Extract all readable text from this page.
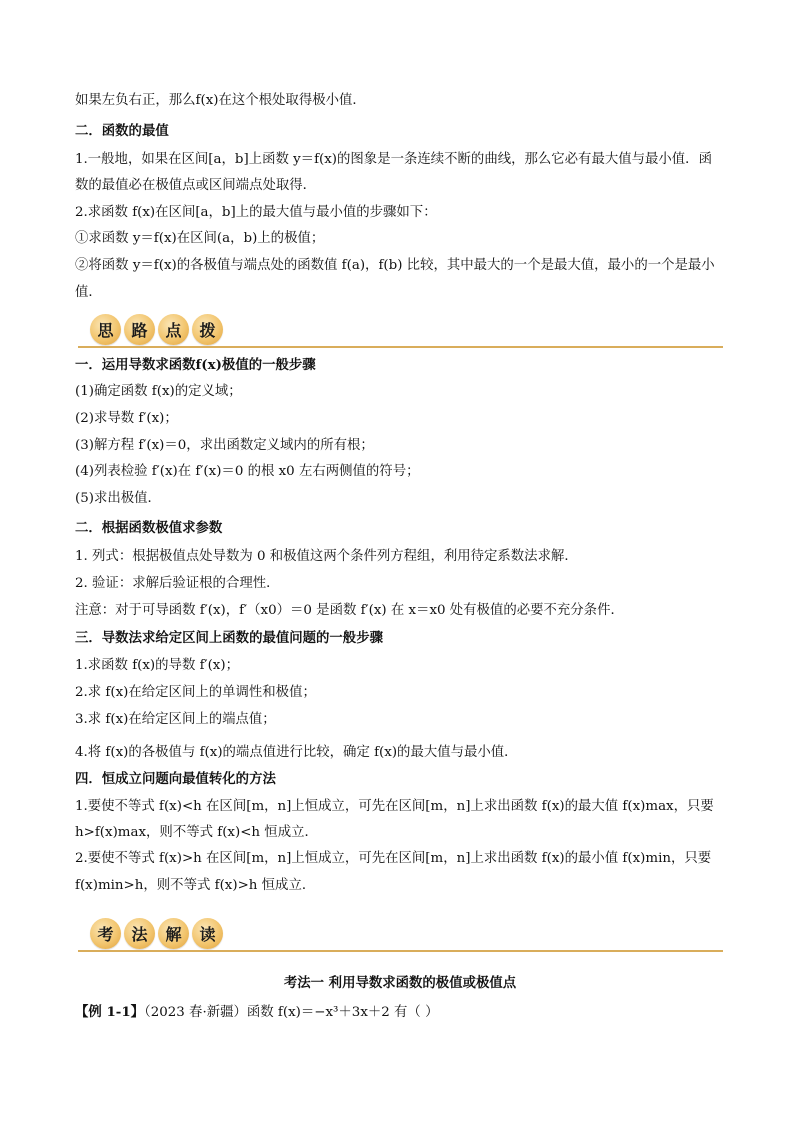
如果左负右正，那么f(x)在这个根处取得极小值．
二．函数的最值
1.一般地，如果在区间[a，b]上函数 y＝f(x)的图象是一条连续不断的曲线，那么它必有最大值与最小值．函
数的最值必在极值点或区间端点处取得．
2.求函数 f(x)在区间[a，b]上的最大值与最小值的步骤如下：
①求函数 y＝f(x)在区间(a，b)上的极值；
②将函数 y＝f(x)的各极值与端点处的函数值 f(a)，f(b) 比较，其中最大的一个是最大值，最小的一个是最小
值．
思	路	点	拨
一．运用导数求函数f(x)极值的一般步骤
(1)确定函数 f(x)的定义域；
(2)求导数 f′(x)；
(3)解方程 f′(x)＝0，求出函数定义域内的所有根；
(4)列表检验 f′(x)在 f′(x)＝0 的根 x0 左右两侧值的符号；
(5)求出极值．
二．根据函数极值求参数
1. 列式：根据极值点处导数为 0 和极值这两个条件列方程组，利用待定系数法求解．
2. 验证：求解后验证根的合理性．
注意：对于可导函数 f′(x)，f′（x0）＝0 是函数 f′(x) 在 x＝x0 处有极值的必要不充分条件．
三．导数法求给定区间上函数的最值问题的一般步骤
1.求函数 f(x)的导数 f′(x)；
2.求 f(x)在给定区间上的单调性和极值；
3.求 f(x)在给定区间上的端点值；
4.将 f(x)的各极值与 f(x)的端点值进行比较，确定 f(x)的最大值与最小值．
四．恒成立问题向最值转化的方法
1.要使不等式 f(x)<h 在区间[m，n]上恒成立，可先在区间[m，n]上求出函数 f(x)的最大值 f(x)max，只要
h>f(x)max，则不等式 f(x)<h 恒成立．
2.要使不等式 f(x)>h 在区间[m，n]上恒成立，可先在区间[m，n]上求出函数 f(x)的最小值 f(x)min，只要
f(x)min>h，则不等式 f(x)>h 恒成立．
考	法	解	读
考法一 利用导数求函数的极值或极值点
【例 1-1】（2023 春·新疆）函数 f(x)＝−x³＋3x＋2 有（ ）
